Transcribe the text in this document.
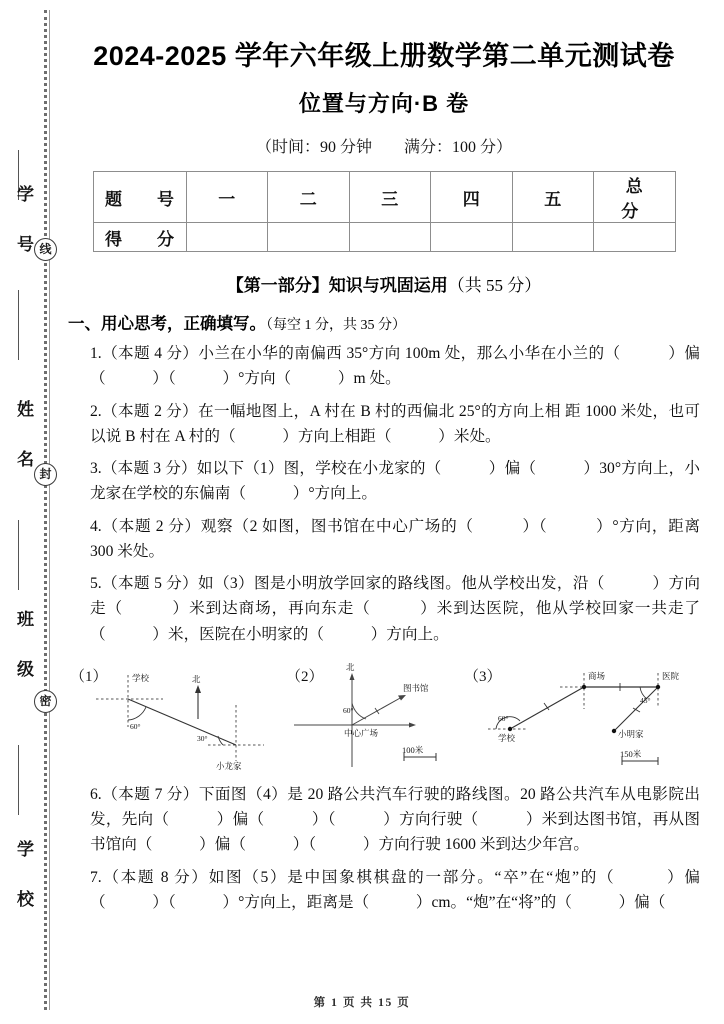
学 号 线
姓 名 封
班 级
密
学 校
2024-2025 学年六年级上册数学第二单元测试卷
位置与方向·B 卷
（时间：90 分钟　　满分：100 分）
题　号	一	二	三	四	五	总　分
得　分						
【第一部分】知识与巩固运用（共 55 分）
一、用心思考，正确填写。（每空 1 分，共 35 分）
1.（本题 4 分）小兰在小华的南偏西 35°方向 100m 处，那么小华在小兰的（　　　）偏（　　　）（　　　）°方向（　　　）m 处。
2.（本题 2 分）在一幅地图上，A 村在 B 村的西偏北 25°的方向上相 距 1000 米处，也可以说 B 村在 A 村的（　　　）方向上相距（　　　）米处。
3.（本题 3 分）如以下（1）图，学校在小龙家的（　　　）偏（　　　）30°方向上，小龙家在学校的东偏南（　　　）°方向上。
4.（本题 2 分）观察（2 如图，图书馆在中心广场的（　　　）（　　　）°方向，距离 300 米处。
5.（本题 5 分）如（3）图是小明放学回家的路线图。他从学校出发，沿（　　　）方向走（　　　）米到达商场，再向东走（　　　）米到达医院，他从学校回家一共走了（　　　）米，医院在小明家的（　　　）方向上。
（1）	学校
小龙家
北
60°
30°
（2）
北
图书馆
中心广场
60°
100米
（3）
学校
商场	医院
小明家
60°
45°
150米
6.（本题 7 分）下面图（4）是 20 路公共汽车行驶的路线图。20 路公共汽车从电影院出发，先向（　　　）偏（　　　）（　　　）方向行驶（　　　）米到达图书馆，再从图书馆向（　　　）偏（　　　）（　　　）方向行驶 1600 米到达少年宫。
7.（本题 8 分）如图（5）是中国象棋棋盘的一部分。“卒”在“炮”的（　　　）偏（　　　）（　　　）°方向上，距离是（　　　）cm。“炮”在“将”的（　　　）偏（
第 1 页 共 15 页
